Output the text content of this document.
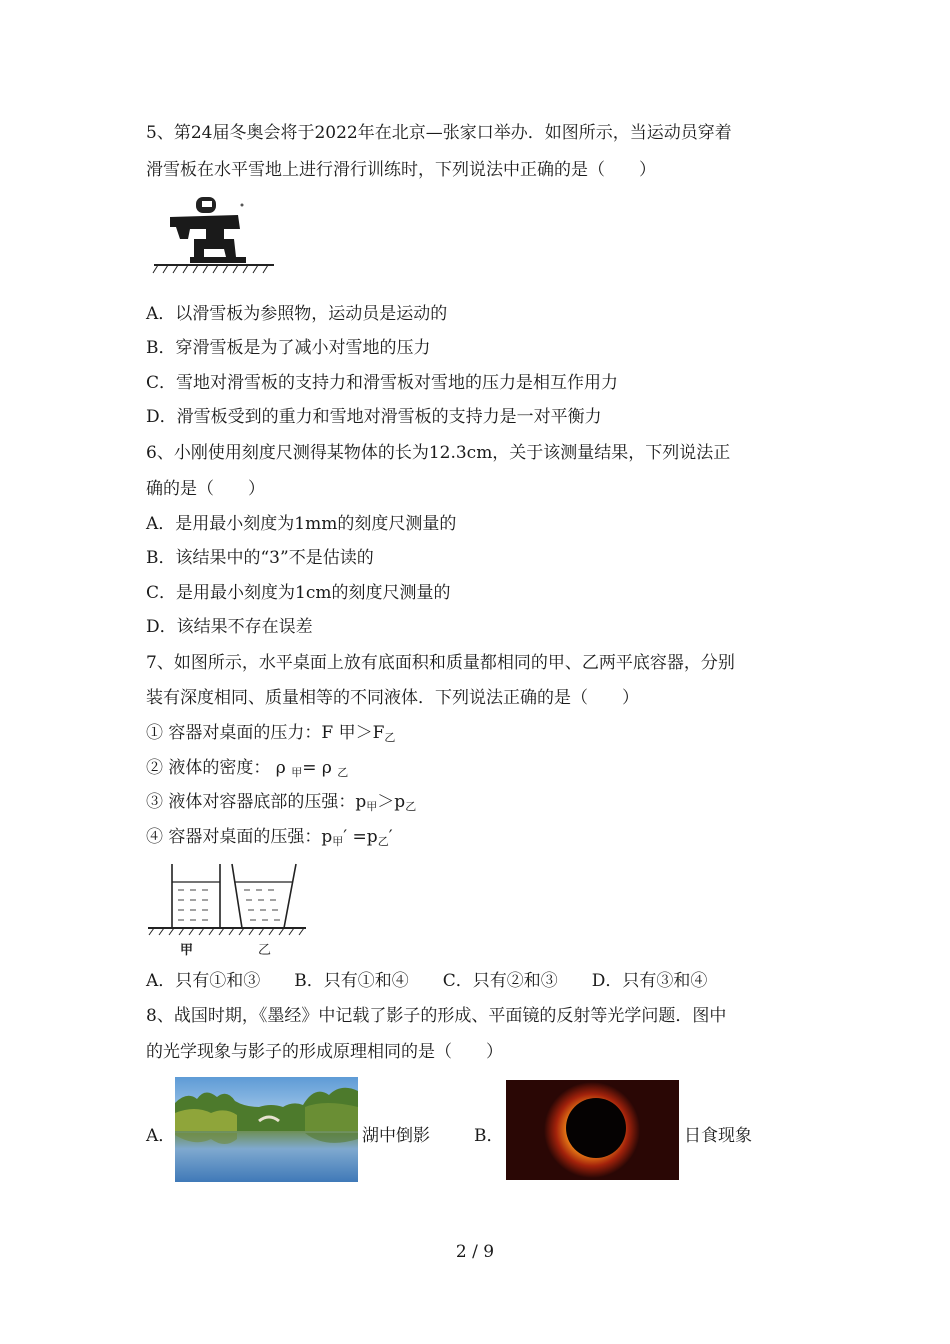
5、第24届冬奥会将于2022年在北京—张家口举办．如图所示，当运动员穿着
滑雪板在水平雪地上进行滑行训练时，下列说法中正确的是（　　）
A．以滑雪板为参照物，运动员是运动的
B．穿滑雪板是为了减小对雪地的压力
C．雪地对滑雪板的支持力和滑雪板对雪地的压力是相互作用力
D．滑雪板受到的重力和雪地对滑雪板的支持力是一对平衡力
6、小刚使用刻度尺测得某物体的长为12.3cm，关于该测量结果，下列说法正
确的是（　　）
A．是用最小刻度为1mm的刻度尺测量的
B．该结果中的“3”不是估读的
C．是用最小刻度为1cm的刻度尺测量的
D．该结果不存在误差
7、如图所示，水平桌面上放有底面积和质量都相同的甲、乙两平底容器，分别
装有深度相同、质量相等的不同液体．下列说法正确的是（　　）
① 容器对桌面的压力：F 甲$>F_乙$
② 液体的密度： ρ $_甲$= ρ $_乙$
③ 液体对容器底部的压强：$p_甲>p_乙$
④ 容器对桌面的压强：$p_甲' =p_乙'$
甲	乙
A．只有①和③　　B．只有①和④　　C．只有②和③　　D．只有③和④
8、战国时期，《墨经》中记载了影子的形成、平面镜的反射等光学问题．图中
的光学现象与影子的形成原理相同的是（　　）
A．	湖中倒影	B．	日食现象
2 / 9
